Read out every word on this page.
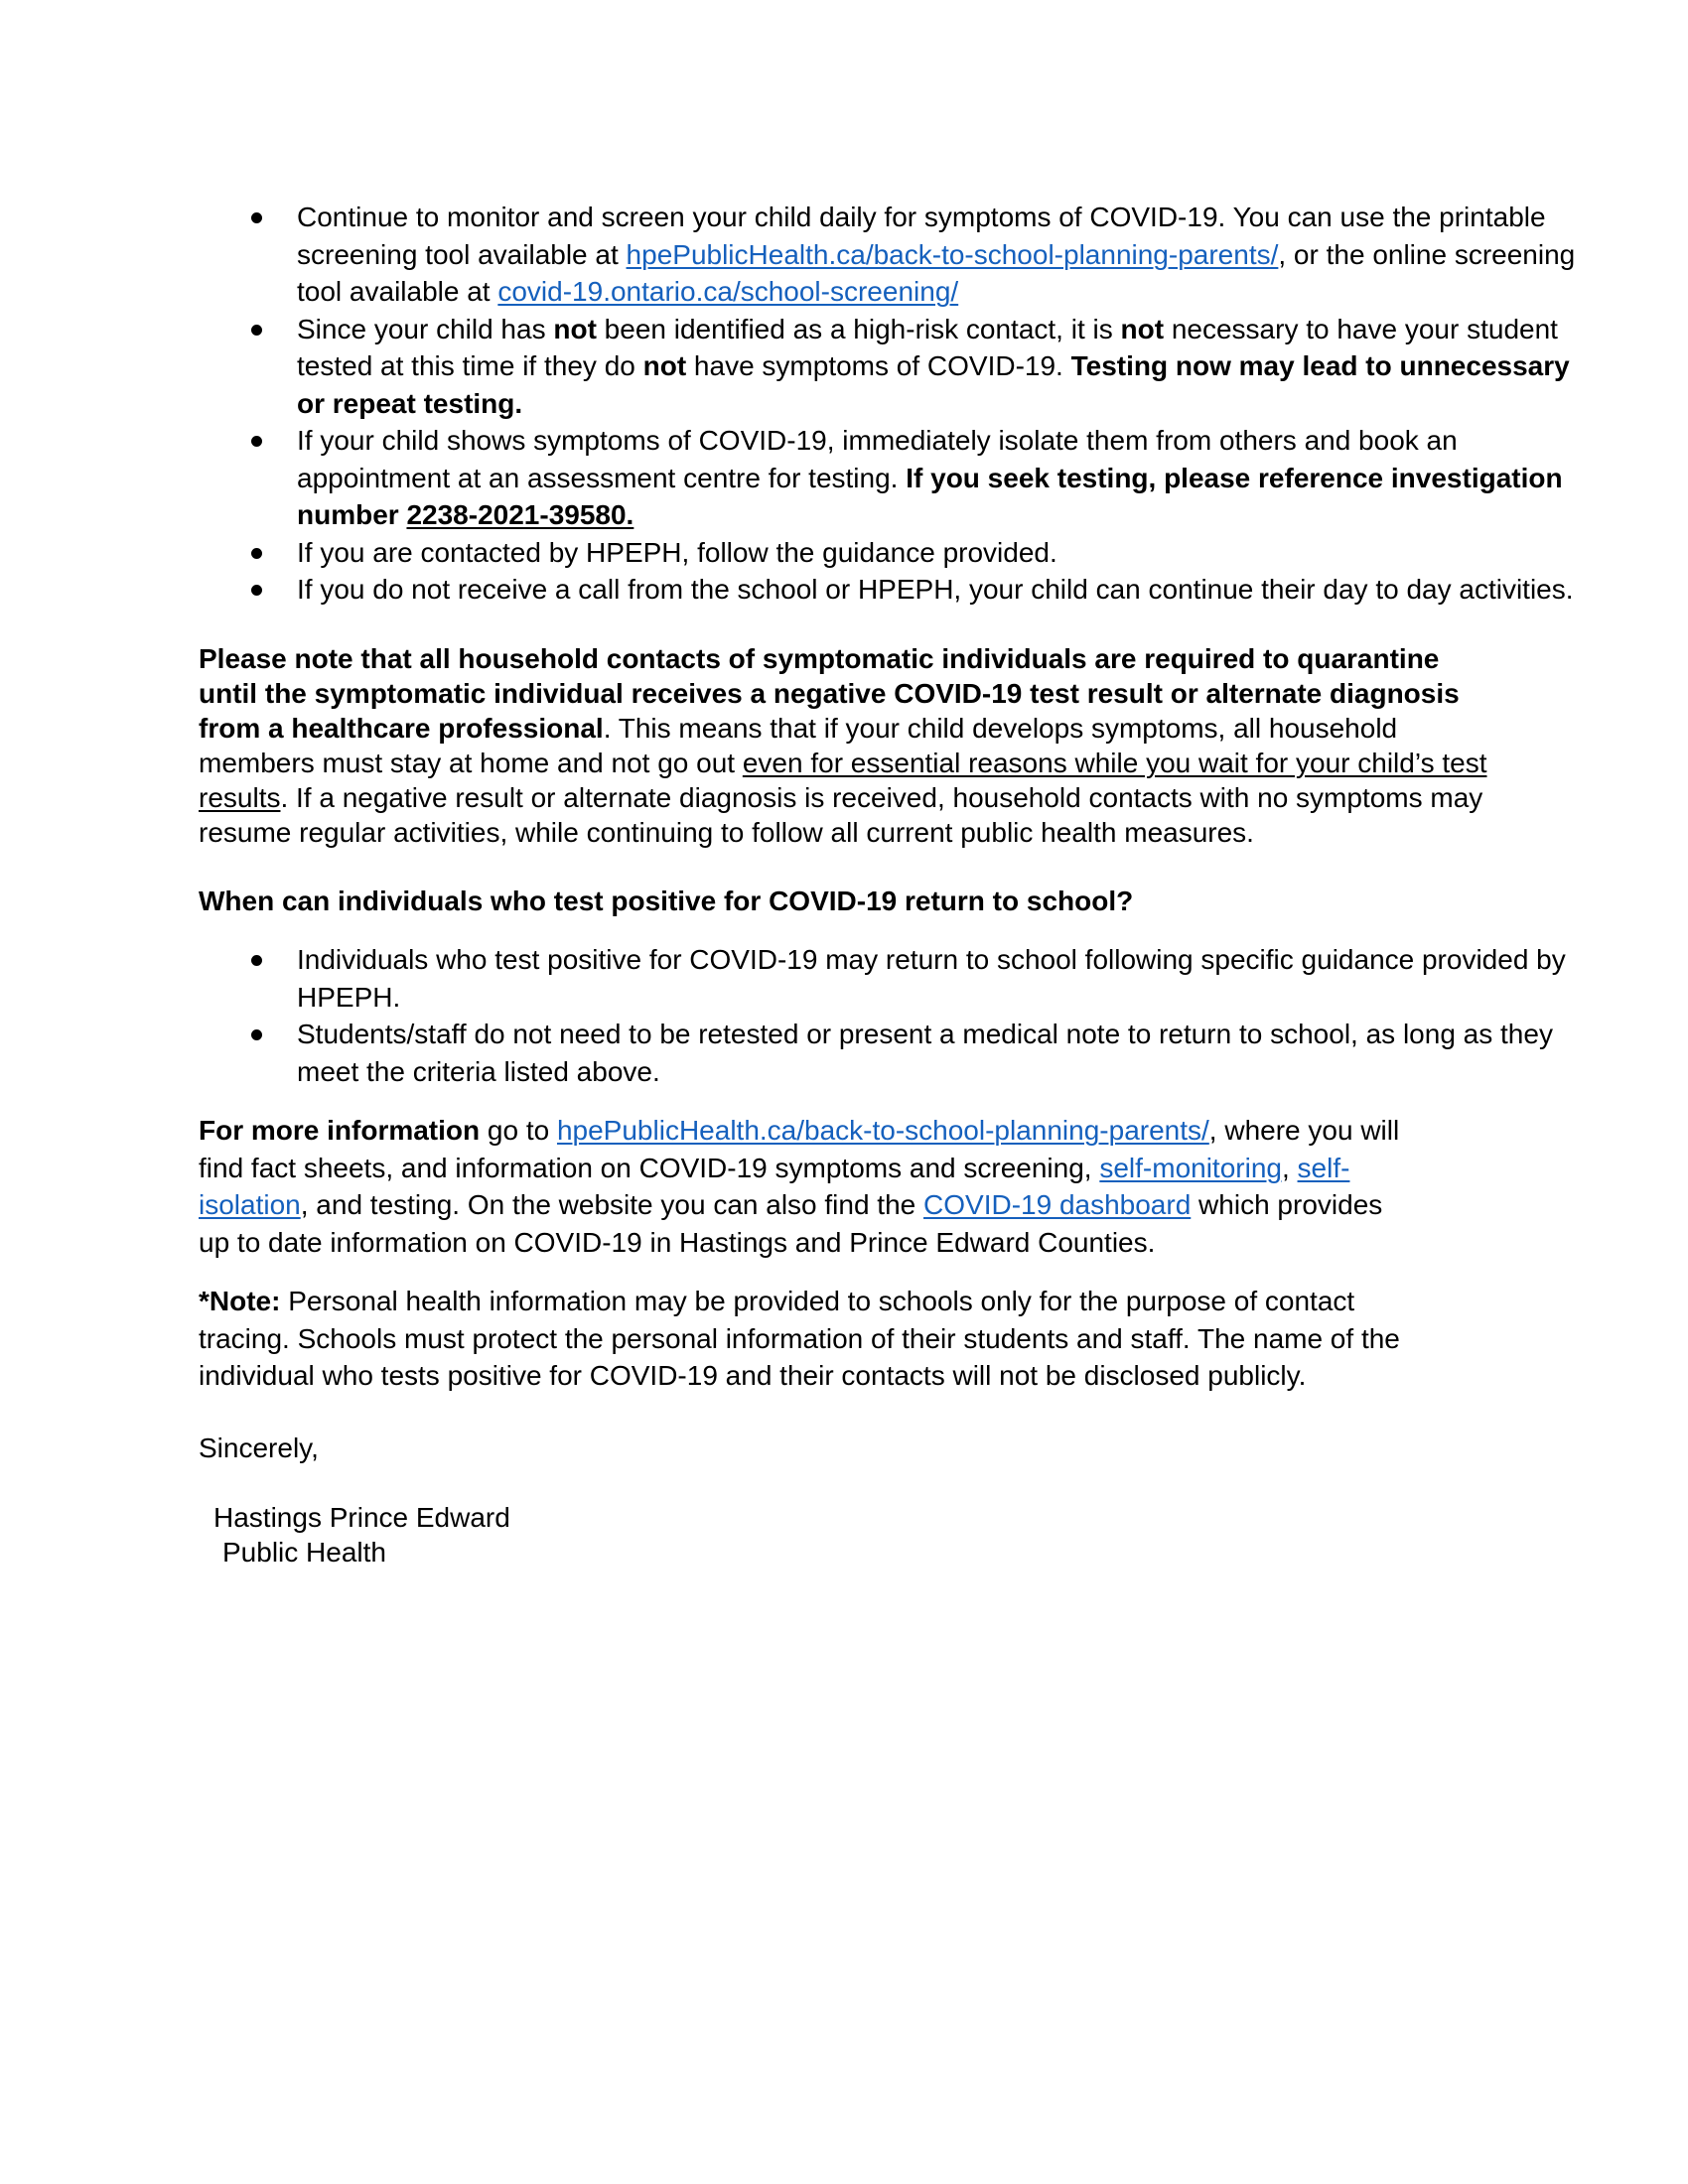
Continue to monitor and screen your child daily for symptoms of COVID-19. You can use the printable screening tool available at hpePublicHealth.ca/back-to-school-planning-parents/, or the online screening tool available at covid-19.ontario.ca/school-screening/
Since your child has not been identified as a high-risk contact, it is not necessary to have your student tested at this time if they do not have symptoms of COVID-19. Testing now may lead to unnecessary or repeat testing.
If your child shows symptoms of COVID-19, immediately isolate them from others and book an appointment at an assessment centre for testing. If you seek testing, please reference investigation number 2238-2021-39580.
If you are contacted by HPEPH, follow the guidance provided.
If you do not receive a call from the school or HPEPH, your child can continue their day to day activities.

Please note that all household contacts of symptomatic individuals are required to quarantine until the symptomatic individual receives a negative COVID-19 test result or alternate diagnosis from a healthcare professional. This means that if your child develops symptoms, all household members must stay at home and not go out even for essential reasons while you wait for your child’s test results. If a negative result or alternate diagnosis is received, household contacts with no symptoms may resume regular activities, while continuing to follow all current public health measures.

When can individuals who test positive for COVID-19 return to school?

Individuals who test positive for COVID-19 may return to school following specific guidance provided by HPEPH.
Students/staff do not need to be retested or present a medical note to return to school, as long as they meet the criteria listed above.

For more information go to hpePublicHealth.ca/back-to-school-planning-parents/, where you will find fact sheets, and information on COVID-19 symptoms and screening, self-monitoring, self-isolation, and testing. On the website you can also find the COVID-19 dashboard which provides up to date information on COVID-19 in Hastings and Prince Edward Counties.

*Note: Personal health information may be provided to schools only for the purpose of contact tracing. Schools must protect the personal information of their students and staff. The name of the individual who tests positive for COVID-19 and their contacts will not be disclosed publicly.

Sincerely,

Hastings Prince Edward
Public Health
